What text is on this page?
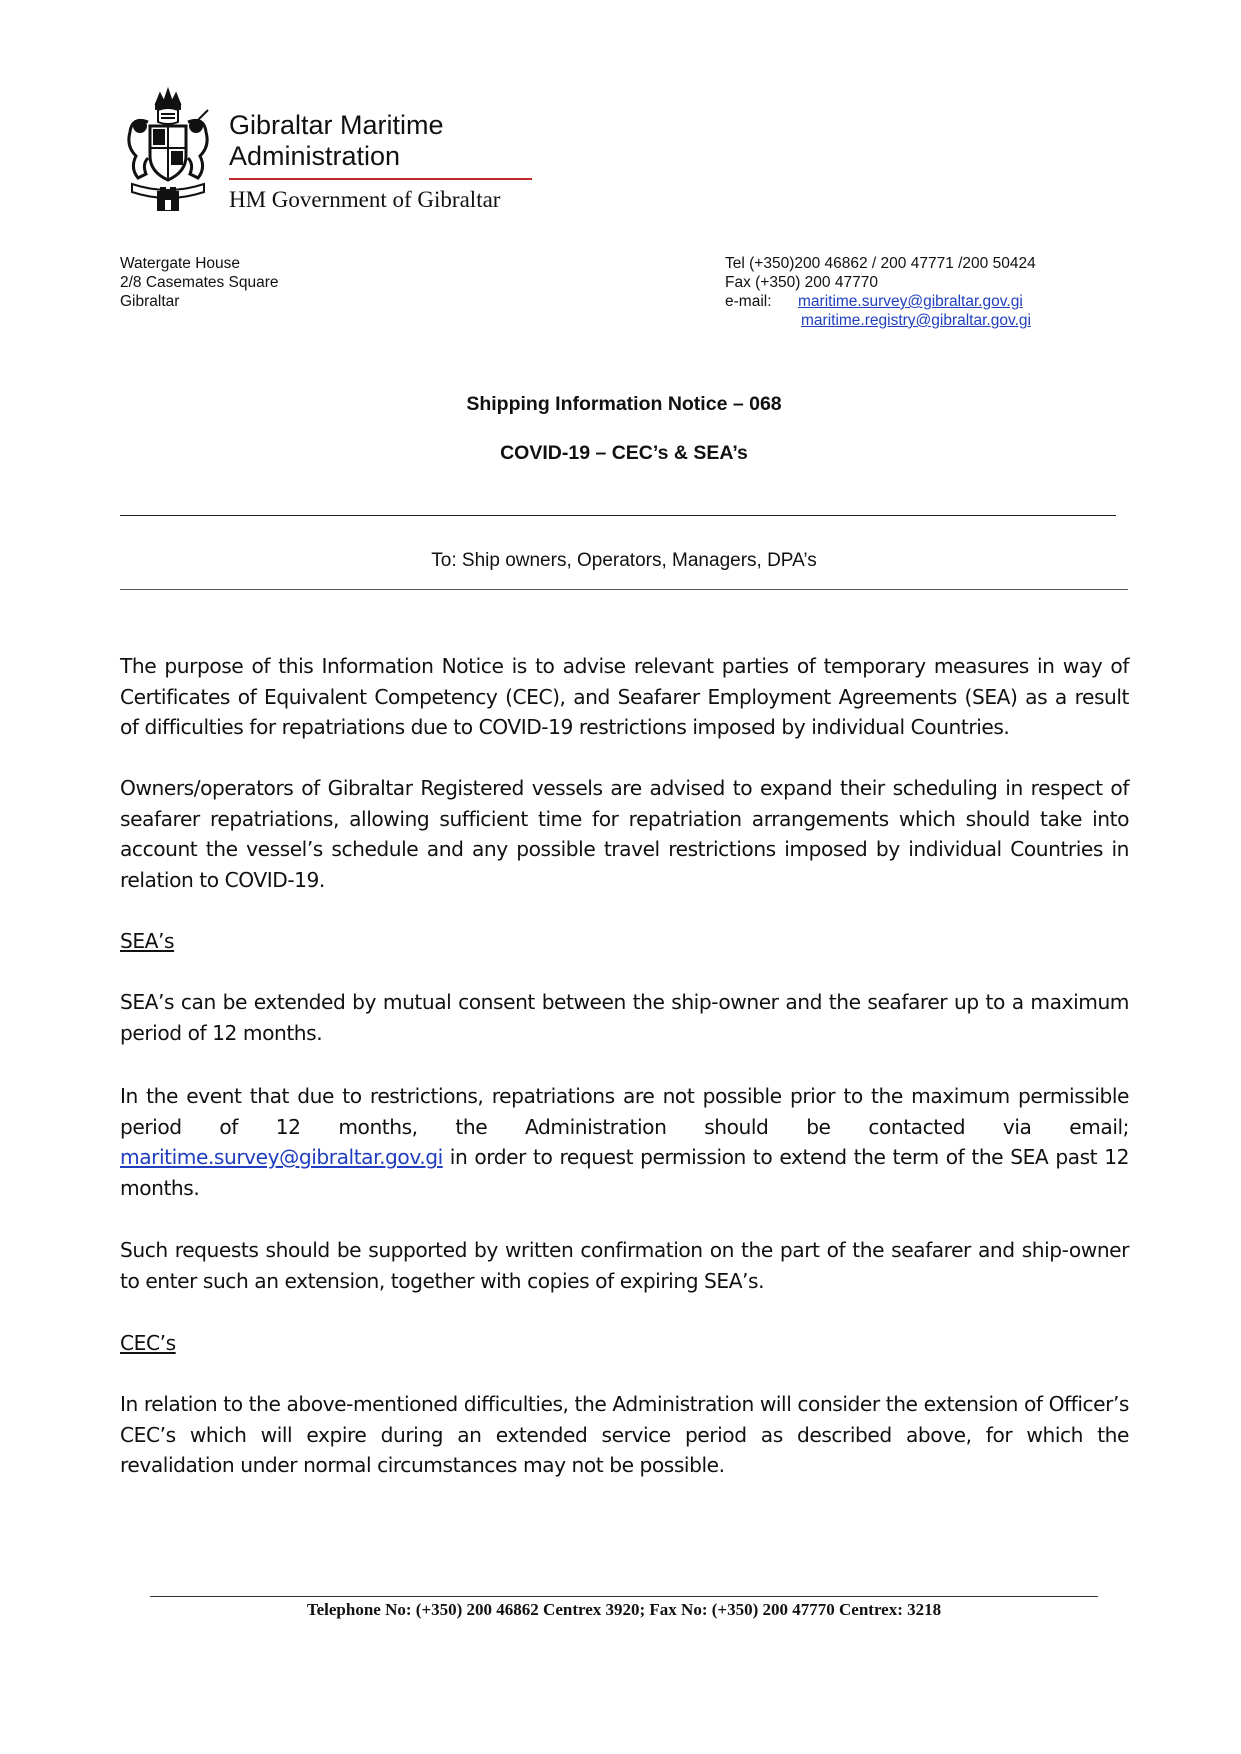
Gibraltar Maritime
Administration
HM Government of Gibraltar
Watergate House
2/8 Casemates Square
Gibraltar
Tel (+350)200 46862 / 200 47771 /200 50424
Fax (+350) 200 47770
e-mail: maritime.survey@gibraltar.gov.gi
maritime.registry@gibraltar.gov.gi
Shipping Information Notice – 068
COVID-19 – CEC’s & SEA’s
To: Ship owners, Operators, Managers, DPA’s
The purpose of this Information Notice is to advise relevant parties of temporary measures in way of Certificates of Equivalent Competency (CEC), and Seafarer Employment Agreements (SEA) as a result of difficulties for repatriations due to COVID-19 restrictions imposed by individual Countries.
Owners/operators of Gibraltar Registered vessels are advised to expand their scheduling in respect of seafarer repatriations, allowing sufficient time for repatriation arrangements which should take into account the vessel’s schedule and any possible travel restrictions imposed by individual Countries in relation to COVID-19.
SEA’s
SEA’s can be extended by mutual consent between the ship-owner and the seafarer up to a maximum period of 12 months.
In the event that due to restrictions, repatriations are not possible prior to the maximum permissible period of 12 months, the Administration should be contacted via email; maritime.survey@gibraltar.gov.gi in order to request permission to extend the term of the SEA past 12 months.
Such requests should be supported by written confirmation on the part of the seafarer and ship-owner to enter such an extension, together with copies of expiring SEA’s.
CEC’s
In relation to the above-mentioned difficulties, the Administration will consider the extension of Officer’s CEC’s which will expire during an extended service period as described above, for which the revalidation under normal circumstances may not be possible.
Telephone No: (+350) 200 46862 Centrex 3920; Fax No: (+350) 200 47770 Centrex: 3218
